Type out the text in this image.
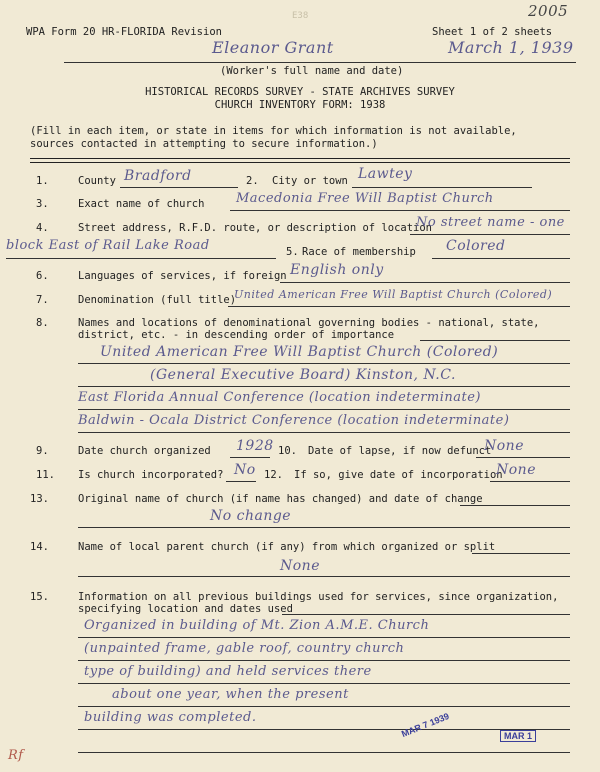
WPA Form 20 HR-FLORIDA Revision	Sheet 1 of 2 sheets
2005
E38
Eleanor Grant	March 1, 1939
(Worker's full name and date)
HISTORICAL RECORDS SURVEY - STATE ARCHIVES SURVEY
CHURCH INVENTORY FORM: 1938
(Fill in each item, or state in items for which information is not available,
sources contacted in attempting to secure information.)
1.	County Bradford	2. City or town Lawtey
3.	Exact name of church Macedonia Free Will Baptist Church
4.	Street address, R.F.D. route, or description of location
No street name - one
block East of Rail Lake Road	5. Race of membership Colored
6.	Languages of services, if foreign English only
7.	Denomination (full title)
United American Free Will Baptist Church (Colored)
8.	Names and locations of denominational governing bodies - national, state,
district, etc. - in descending order of importance
United American Free Will Baptist Church (Colored)
(General Executive Board) Kinston, N.C.
East Florida Annual Conference (location indeterminate)
Baldwin - Ocala District Conference (location indeterminate)
9.	Date church organized 1928 10. Date of lapse, if now defunct
None
11. Is church incorporated? No 12. If so, give date of incorporation
None
13.	Original name of church (if name has changed) and date of change
No change
14.	Name of local parent church (if any) from which organized or split
None
15.	Information on all previous buildings used for services, since organization,
specifying location and dates used
Organized in building of Mt. Zion A.M.E. Church
(unpainted frame, gable roof, country church
type of building) and held services there
about one year, when the present
building was completed.	MAR 7 1939	MAR 1
Rf
